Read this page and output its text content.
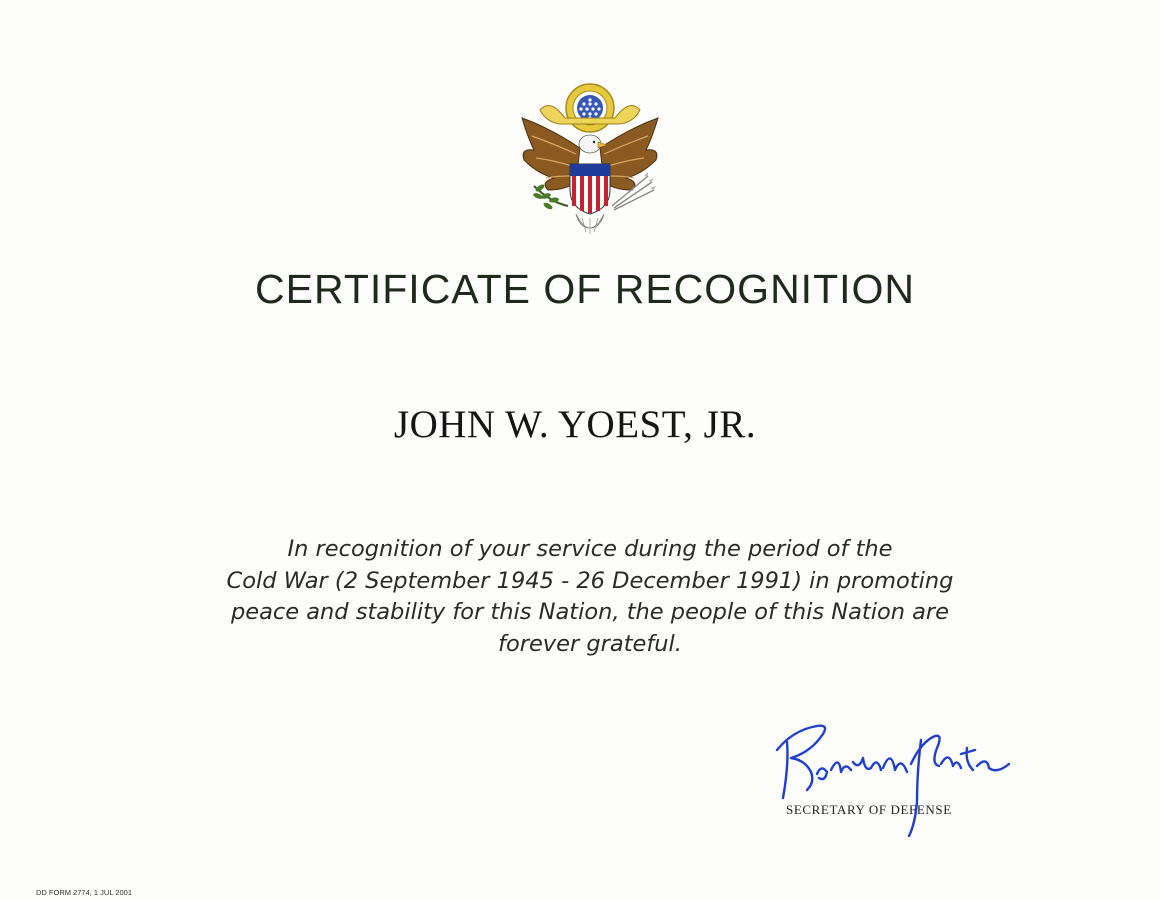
CERTIFICATE OF RECOGNITION
JOHN W. YOEST, JR.
In recognition of your service during the period of the
Cold War (2 September 1945 - 26 December 1991) in promoting
peace and stability for this Nation, the people of this Nation are
forever grateful.
SECRETARY OF DEFENSE
DD FORM 2774, 1 JUL 2001
